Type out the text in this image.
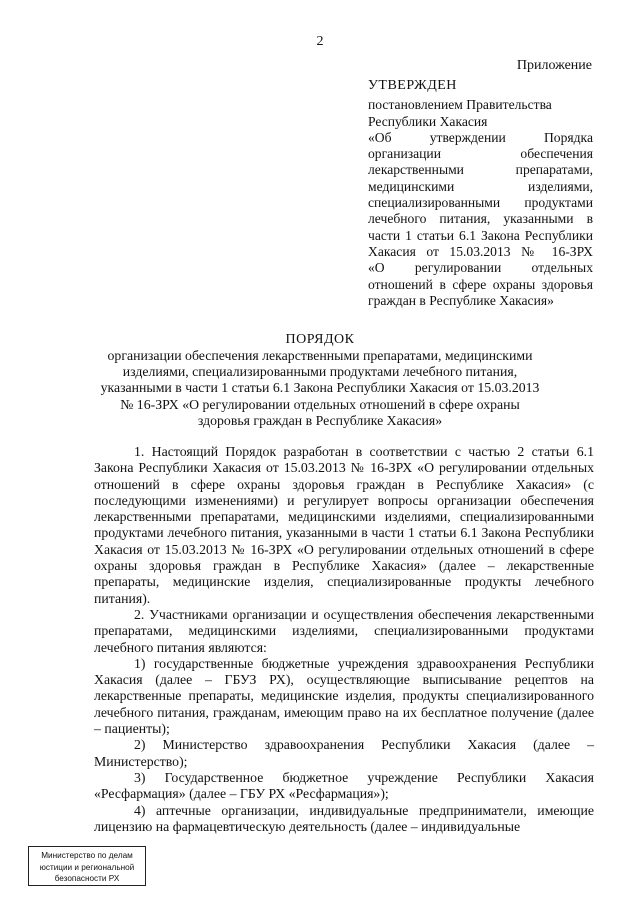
2
Приложение
УТВЕРЖДЕН
постановлением Правительства
Республики Хакасия
«Об утверждении Порядка
организации обеспечения
лекарственными препаратами,
медицинскими изделиями,
специализированными продуктами
лечебного питания, указанными в
части 1 статьи 6.1 Закона Республики
Хакасия от 15.03.2013 № 16-ЗРХ
«О регулировании отдельных
отношений в сфере охраны здоровья
граждан в Республике Хакасия»
ПОРЯДОК
организации обеспечения лекарственными препаратами, медицинскими изделиями, специализированными продуктами лечебного питания, указанными в части 1 статьи 6.1 Закона Республики Хакасия от 15.03.2013 № 16-ЗРХ «О регулировании отдельных отношений в сфере охраны здоровья граждан в Республике Хакасия»

1. Настоящий Порядок разработан в соответствии с частью 2 статьи 6.1 Закона Республики Хакасия от 15.03.2013 № 16-ЗРХ «О регулировании отдельных отношений в сфере охраны здоровья граждан в Республике Хакасия» (с последующими изменениями) и регулирует вопросы организации обеспечения лекарственными препаратами, медицинскими изделиями, специализированными продуктами лечебного питания, указанными в части 1 статьи 6.1 Закона Республики Хакасия от 15.03.2013 № 16-ЗРХ «О регулировании отдельных отношений в сфере охраны здоровья граждан в Республике Хакасия» (далее – лекарственные препараты, медицинские изделия, специализированные продукты лечебного питания).

2. Участниками организации и осуществления обеспечения лекарственными препаратами, медицинскими изделиями, специализированными продуктами лечебного питания являются:

1) государственные бюджетные учреждения здравоохранения Республики Хакасия (далее – ГБУЗ РХ), осуществляющие выписывание рецептов на лекарственные препараты, медицинские изделия, продукты специализированного лечебного питания, гражданам, имеющим право на их бесплатное получение (далее – пациенты);

2) Министерство здравоохранения Республики Хакасия (далее – Министерство);

3) Государственное бюджетное учреждение Республики Хакасия «Ресфармация» (далее – ГБУ РХ «Ресфармация»);

4) аптечные организации, индивидуальные предприниматели, имеющие лицензию на фармацевтическую деятельность (далее – индивидуальные

Министерство по делам
юстиции и региональной
безопасности РХ
